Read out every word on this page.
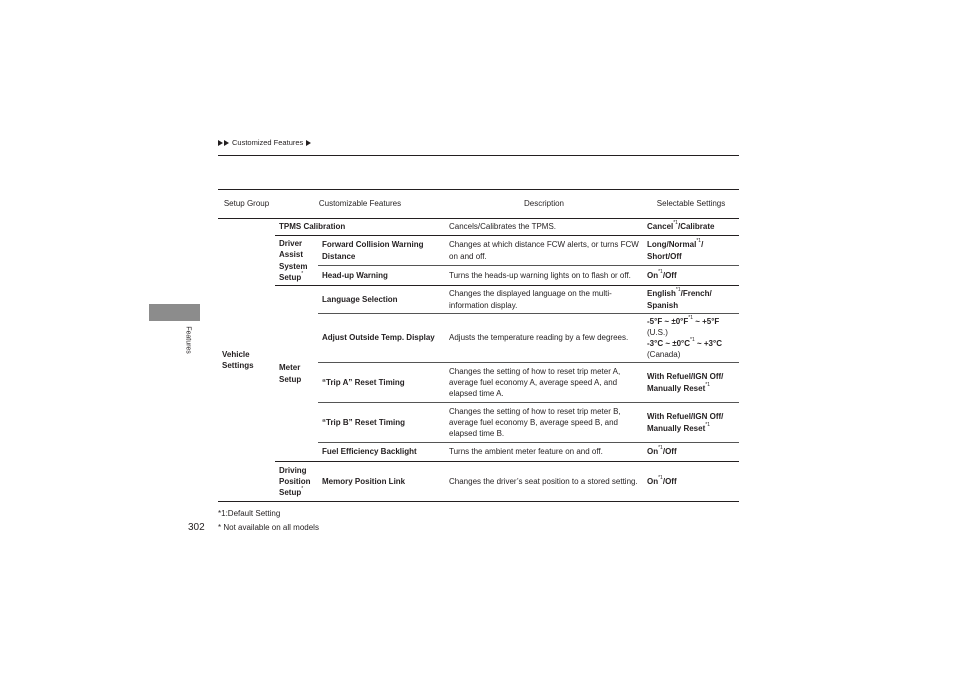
Customized Features
Features
Setup Group	Customizable Features		Description	Selectable Settings
Vehicle Settings	TPMS Calibration		Cancels/Calibrates the TPMS.	Cancel$^{*1}$/Calibrate
	Driver Assist System Setup*	Forward Collision Warning Distance	Changes at which distance FCW alerts, or turns FCW on and off.	Long/Normal$^{*1}$/ Short/Off
		Head-up Warning	Turns the heads-up warning lights on to flash or off.	On$^{*1}$/Off
	Meter Setup	Language Selection	Changes the displayed language on the multi-information display.	English$^{*1}$/French/ Spanish
		Adjust Outside Temp. Display	Adjusts the temperature reading by a few degrees.	-5°F ~ $\pm 0^\circ F^{*1}$ ~ +5°F
(U.S.)
-3°C ~ $\pm 0^\circ C^{*1}$ ~ +3°C
(Canada)

		“Trip A” Reset Timing	Changes the setting of how to reset trip meter A, average fuel economy A, average speed A, and elapsed time A.	With Refuel/IGN Off/ Manually Reset$^{*1}$
		“Trip B” Reset Timing	Changes the setting of how to reset trip meter B, average fuel economy B, average speed B, and elapsed time B.	With Refuel/IGN Off/ Manually Reset$^{*1}$
		Fuel Efficiency Backlight	Turns the ambient meter feature on and off.	On$^{*1}$/Off
	Driving Position Setup*	Memory Position Link	Changes the driver’s seat position to a stored setting.	On$^{*1}$/Off
*1:Default Setting
* Not available on all models
302
